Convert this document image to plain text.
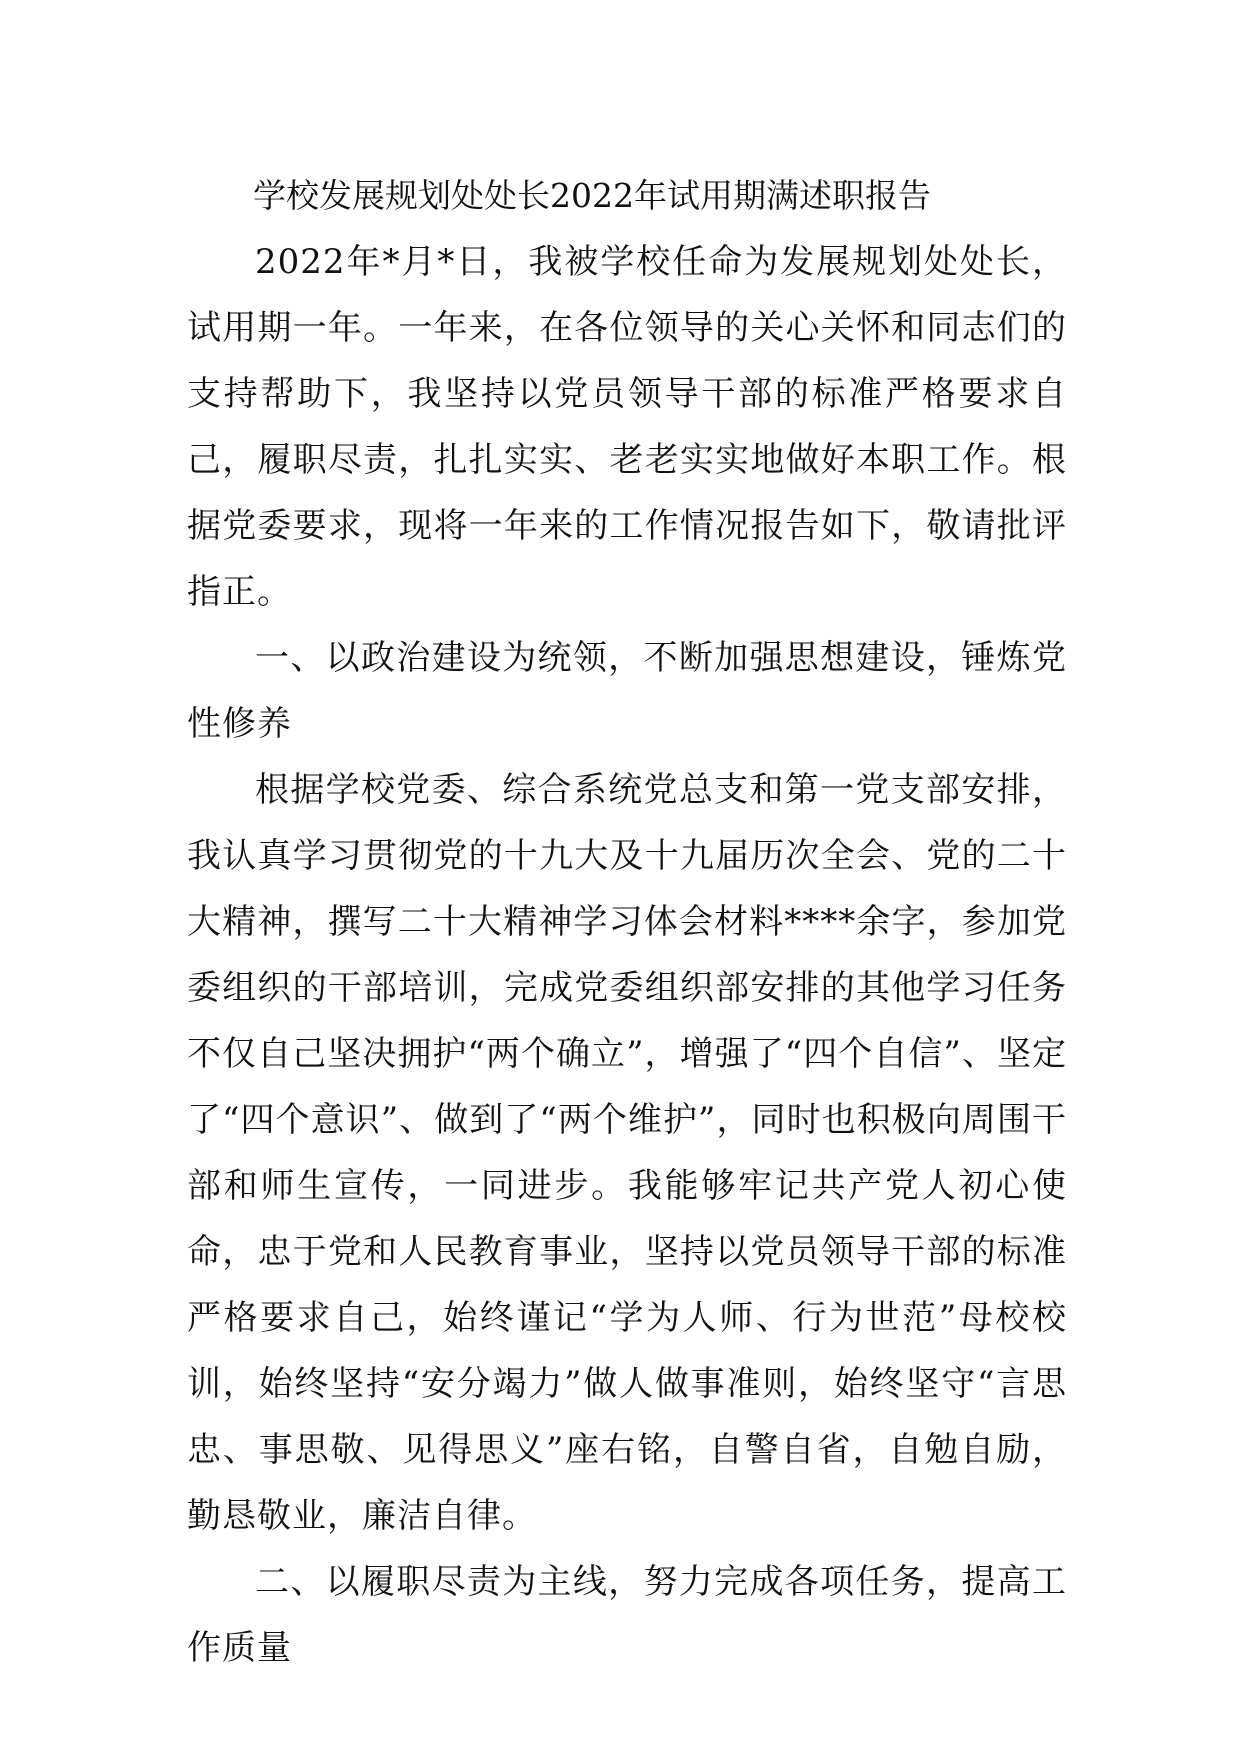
学校发展规划处处长2022年试用期满述职报告

2022年*月*日，我被学校任命为发展规划处处长，试用期一年。一年来，在各位领导的关心关怀和同志们的支持帮助下，我坚持以党员领导干部的标准严格要求自己，履职尽责，扎扎实实、老老实实地做好本职工作。根据党委要求，现将一年来的工作情况报告如下，敬请批评指正。

一、以政治建设为统领，不断加强思想建设，锤炼党性修养

根据学校党委、综合系统党总支和第一党支部安排，我认真学习贯彻党的十九大及十九届历次全会、党的二十大精神，撰写二十大精神学习体会材料****余字，参加党委组织的干部培训，完成党委组织部安排的其他学习任务不仅自己坚决拥护“两个确立”，增强了“四个自信”、坚定了“四个意识”、做到了“两个维护”，同时也积极向周围干部和师生宣传，一同进步。我能够牢记共产党人初心使命，忠于党和人民教育事业，坚持以党员领导干部的标准严格要求自己，始终谨记“学为人师、行为世范”母校校训，始终坚持“安分竭力”做人做事准则，始终坚守“言思忠、事思敬、见得思义”座右铭，自警自省，自勉自励，勤恳敬业，廉洁自律。

二、以履职尽责为主线，努力完成各项任务，提高工作质量
